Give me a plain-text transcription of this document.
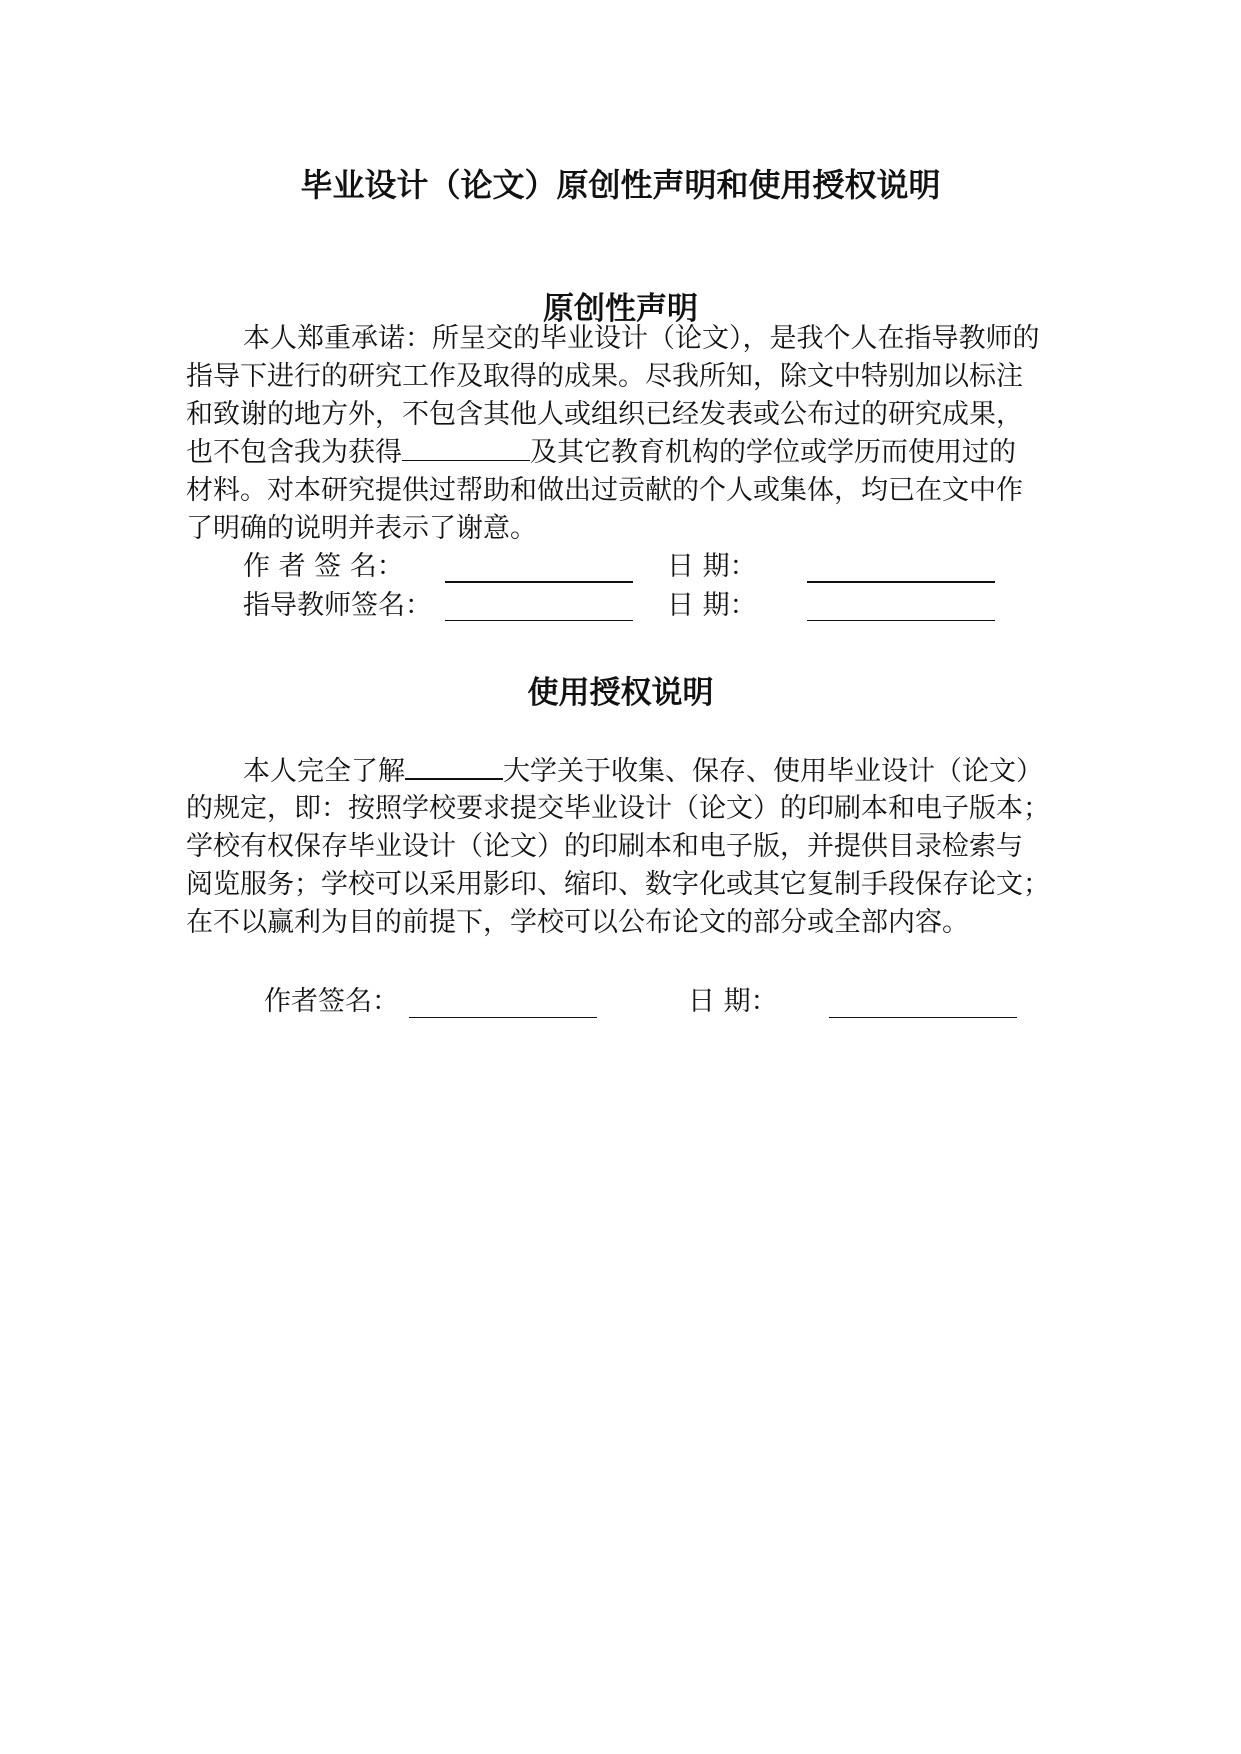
毕业设计（论文）原创性声明和使用授权说明
原创性声明
本人郑重承诺：所呈交的毕业设计（论文），是我个人在指导教师的
指导下进行的研究工作及取得的成果。尽我所知，除文中特别加以标注
和致谢的地方外，不包含其他人或组织已经发表或公布过的研究成果，
也不包含我为获得	及其它教育机构的学位或学历而使用过的
材料。对本研究提供过帮助和做出过贡献的个人或集体，均已在文中作
了明确的说明并表示了谢意。
作 者 签 名：	日 期：
指导教师签名：	日 期：
使用授权说明
本人完全了解	大学关于收集、保存、使用毕业设计（论文）
的规定，即：按照学校要求提交毕业设计（论文）的印刷本和电子版本；
学校有权保存毕业设计（论文）的印刷本和电子版，并提供目录检索与
阅览服务；学校可以采用影印、缩印、数字化或其它复制手段保存论文；
在不以赢利为目的前提下，学校可以公布论文的部分或全部内容。
作者签名：	日 期：
